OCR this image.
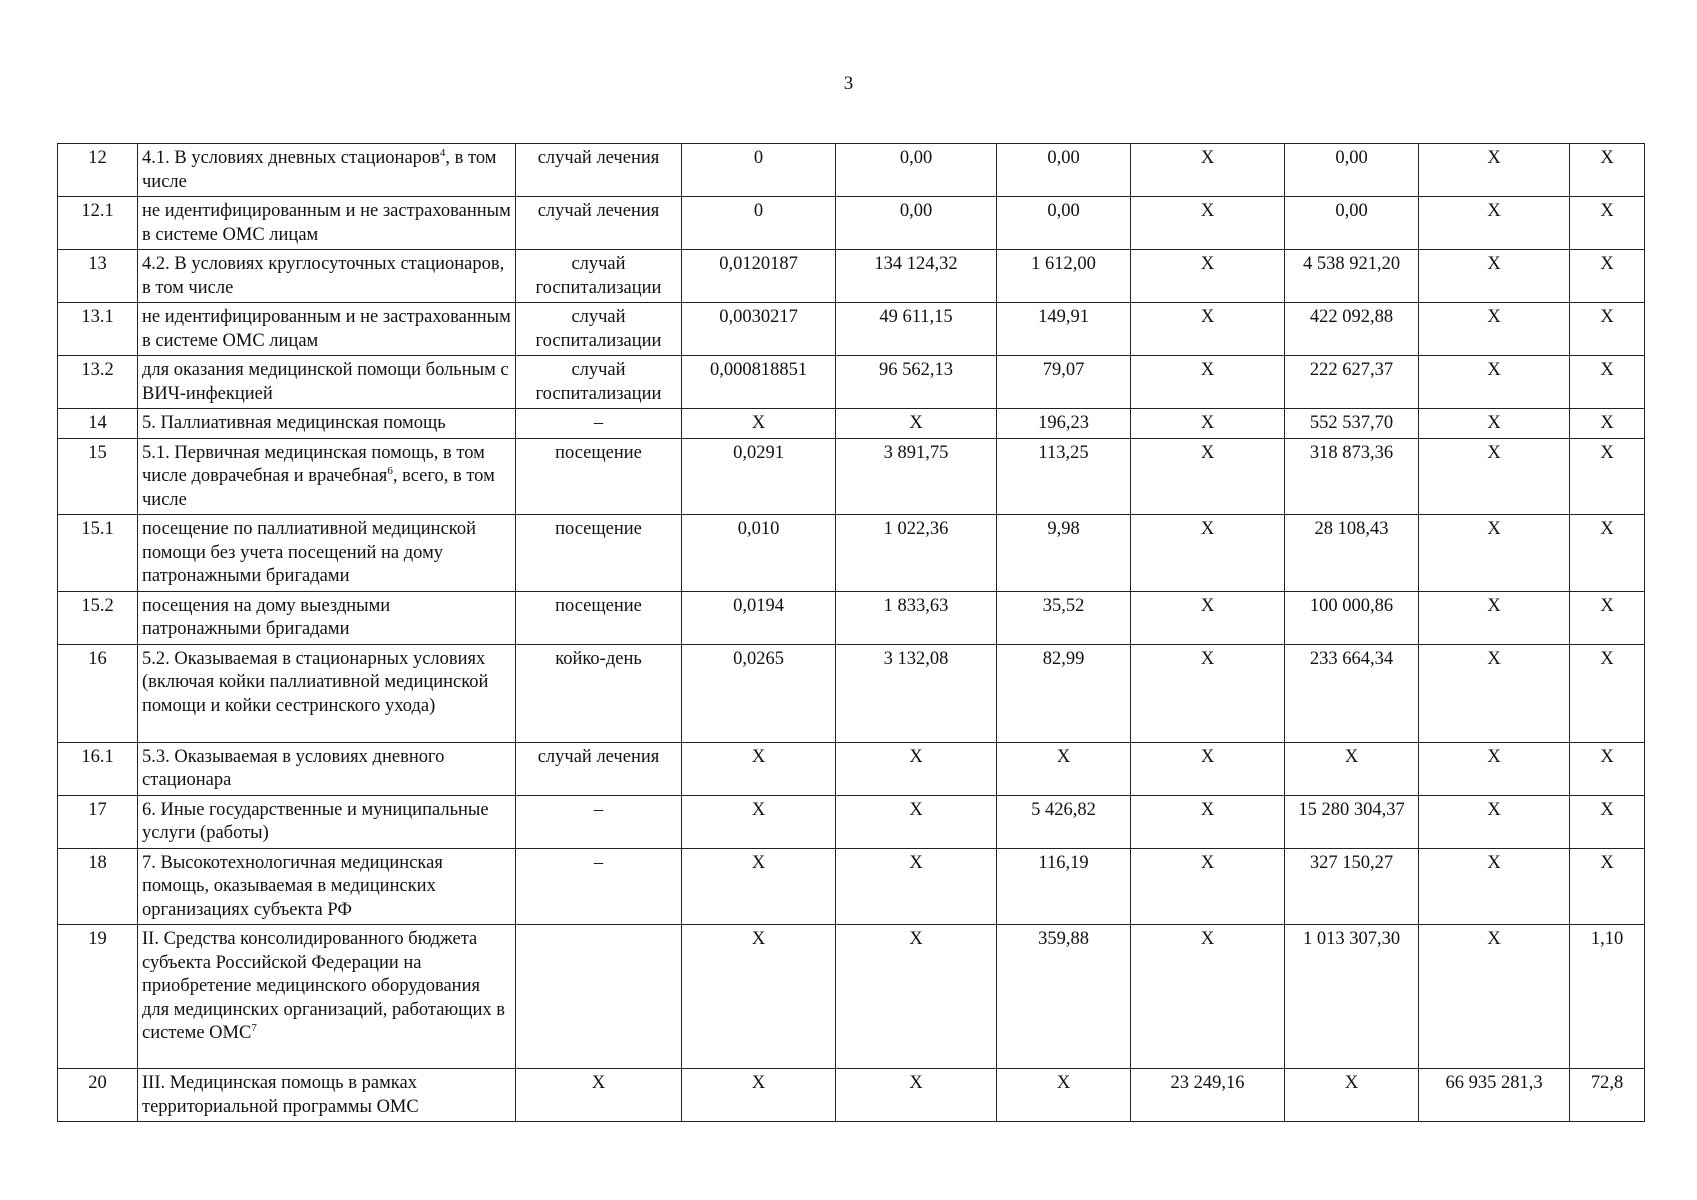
3
12	4.1. В условиях дневных стационаров$^4$, в том числе	случай лечения	0	0,00	0,00	Х	0,00	Х	Х
12.1	не идентифицированным и не застрахованным в системе ОМС лицам	случай лечения	0	0,00	0,00	Х	0,00	Х	Х
13	4.2. В условиях круглосуточных стационаров, в том числе	случай госпитализации	0,0120187	134 124,32	1 612,00	Х	4 538 921,20	Х	Х
13.1	не идентифицированным и не застрахованным в системе ОМС лицам	случай госпитализации	0,0030217	49 611,15	149,91	Х	422 092,88	Х	Х
13.2	для оказания медицинской помощи больным с ВИЧ-инфекцией	случай госпитализации	0,000818851	96 562,13	79,07	Х	222 627,37	Х	Х
14	5. Паллиативная медицинская помощь	–	Х	Х	196,23	Х	552 537,70	Х	Х
15	5.1. Первичная медицинская помощь, в том числе доврачебная и врачебная$^6$, всего, в том числе	посещение	0,0291	3 891,75	113,25	Х	318 873,36	Х	Х
15.1	посещение по паллиативной медицинской помощи без учета посещений на дому патронажными бригадами	посещение	0,010	1 022,36	9,98	Х	28 108,43	Х	Х
15.2	посещения на дому выездными патронажными бригадами	посещение	0,0194	1 833,63	35,52	Х	100 000,86	Х	Х
16	5.2. Оказываемая в стационарных условиях (включая койки паллиативной медицинской помощи и койки сестринского ухода)	койко-день	0,0265	3 132,08	82,99	Х	233 664,34	Х	Х
16.1	5.3. Оказываемая в условиях дневного стационара	случай лечения	Х	Х	Х	Х	Х	Х	Х
17	6. Иные государственные и муниципальные услуги (работы)	–	Х	Х	5 426,82	Х	15 280 304,37	Х	Х
18	7. Высокотехнологичная медицинская помощь, оказываемая в медицинских организациях субъекта РФ	–	Х	Х	116,19	Х	327 150,27	Х	Х
19	II. Средства консолидированного бюджета субъекта Российской Федерации на приобретение медицинского оборудования для медицинских организаций, работающих в системе ОМС$^7$		Х	Х	359,88	Х	1 013 307,30	Х	1,10
20	III. Медицинская помощь в рамках территориальной программы ОМС	Х	Х	Х	Х	23 249,16	Х	66 935 281,3	72,8
